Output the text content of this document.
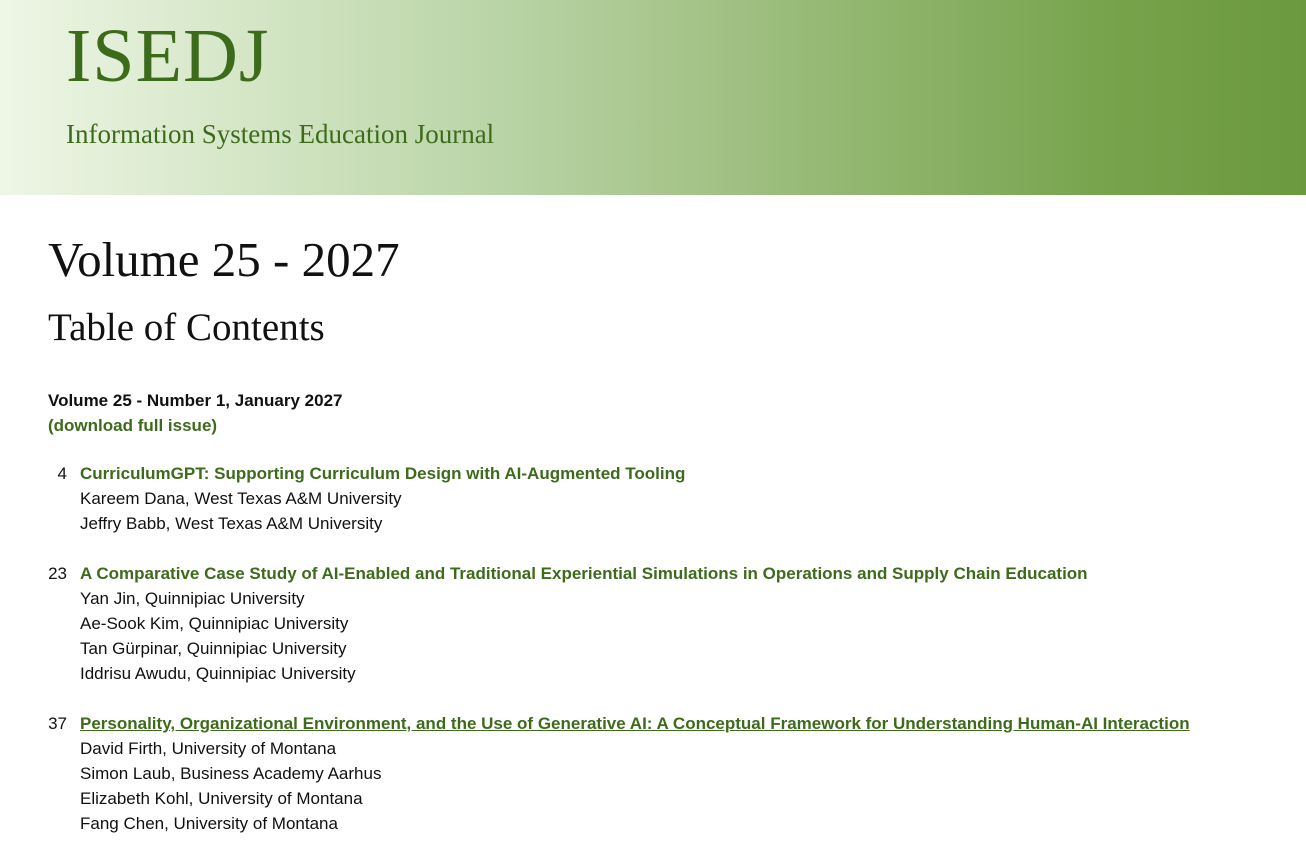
ISEDJ
Information Systems Education Journal
Volume 25 - 2027
Table of Contents
Volume 25 - Number 1, January 2027
(download full issue)
4 CurriculumGPT: Supporting Curriculum Design with AI-Augmented Tooling
Kareem Dana, West Texas A&M University
Jeffry Babb, West Texas A&M University
23 A Comparative Case Study of AI-Enabled and Traditional Experiential Simulations in Operations and Supply Chain Education
Yan Jin, Quinnipiac University
Ae-Sook Kim, Quinnipiac University
Tan Gürpinar, Quinnipiac University
Iddrisu Awudu, Quinnipiac University
37 Personality, Organizational Environment, and the Use of Generative AI: A Conceptual Framework for Understanding Human-AI Interaction
David Firth, University of Montana
Simon Laub, Business Academy Aarhus
Elizabeth Kohl, University of Montana
Fang Chen, University of Montana
